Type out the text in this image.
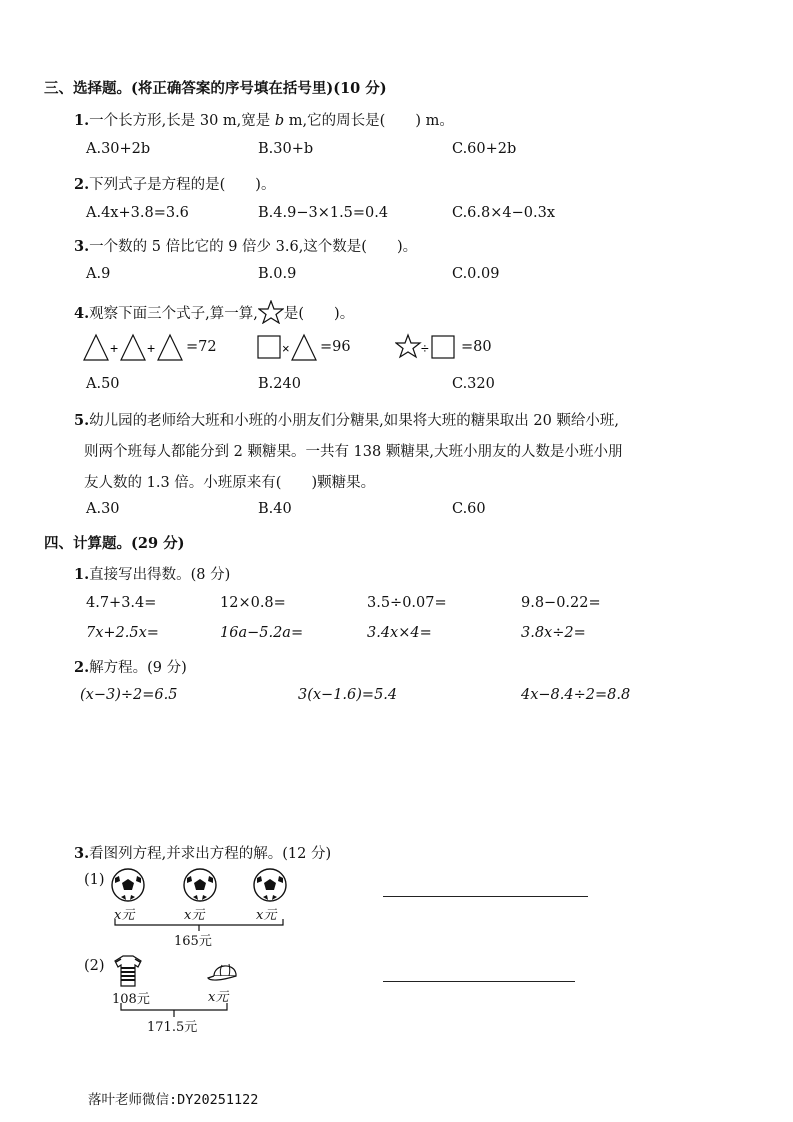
三、选择题。(将正确答案的序号填在括号里)(10 分)
1.一个长方形,长是 30 m,宽是 b m,它的周长是( ) m。
A.30+2b	B.30+b	C.60+2b
2.下列式子是方程的是( )。
A.4x+3.8=3.6	B.4.9−3×1.5=0.4	C.6.8×4−0.3x
3.一个数的 5 倍比它的 9 倍少 3.6,这个数是( )。
A.9	B.0.9	C.0.09
4.观察下面三个式子,算一算, 是( )。
+ + =72	× =96	÷ =80
A.50	B.240	C.320
5.幼儿园的老师给大班和小班的小朋友们分糖果,如果将大班的糖果取出 20 颗给小班,
则两个班每人都能分到 2 颗糖果。一共有 138 颗糖果,大班小朋友的人数是小班小朋
友人数的 1.3 倍。小班原来有( )颗糖果。
A.30	B.40	C.60
四、计算题。(29 分)
1.直接写出得数。(8 分)
4.7+3.4=	12×0.8=	3.5÷0.07=	9.8−0.22=
7x+2.5x=	16a−5.2a=	3.4x×4=	3.8x÷2=
2.解方程。(9 分)
(x−3)÷2=6.5	3(x−1.6)=5.4	4x−8.4÷2=8.8
3.看图列方程,并求出方程的解。(12 分)
(1)
x元	x元	x元
165元
(2)
108元	x元
171.5元
落叶老师微信:DY20251122
